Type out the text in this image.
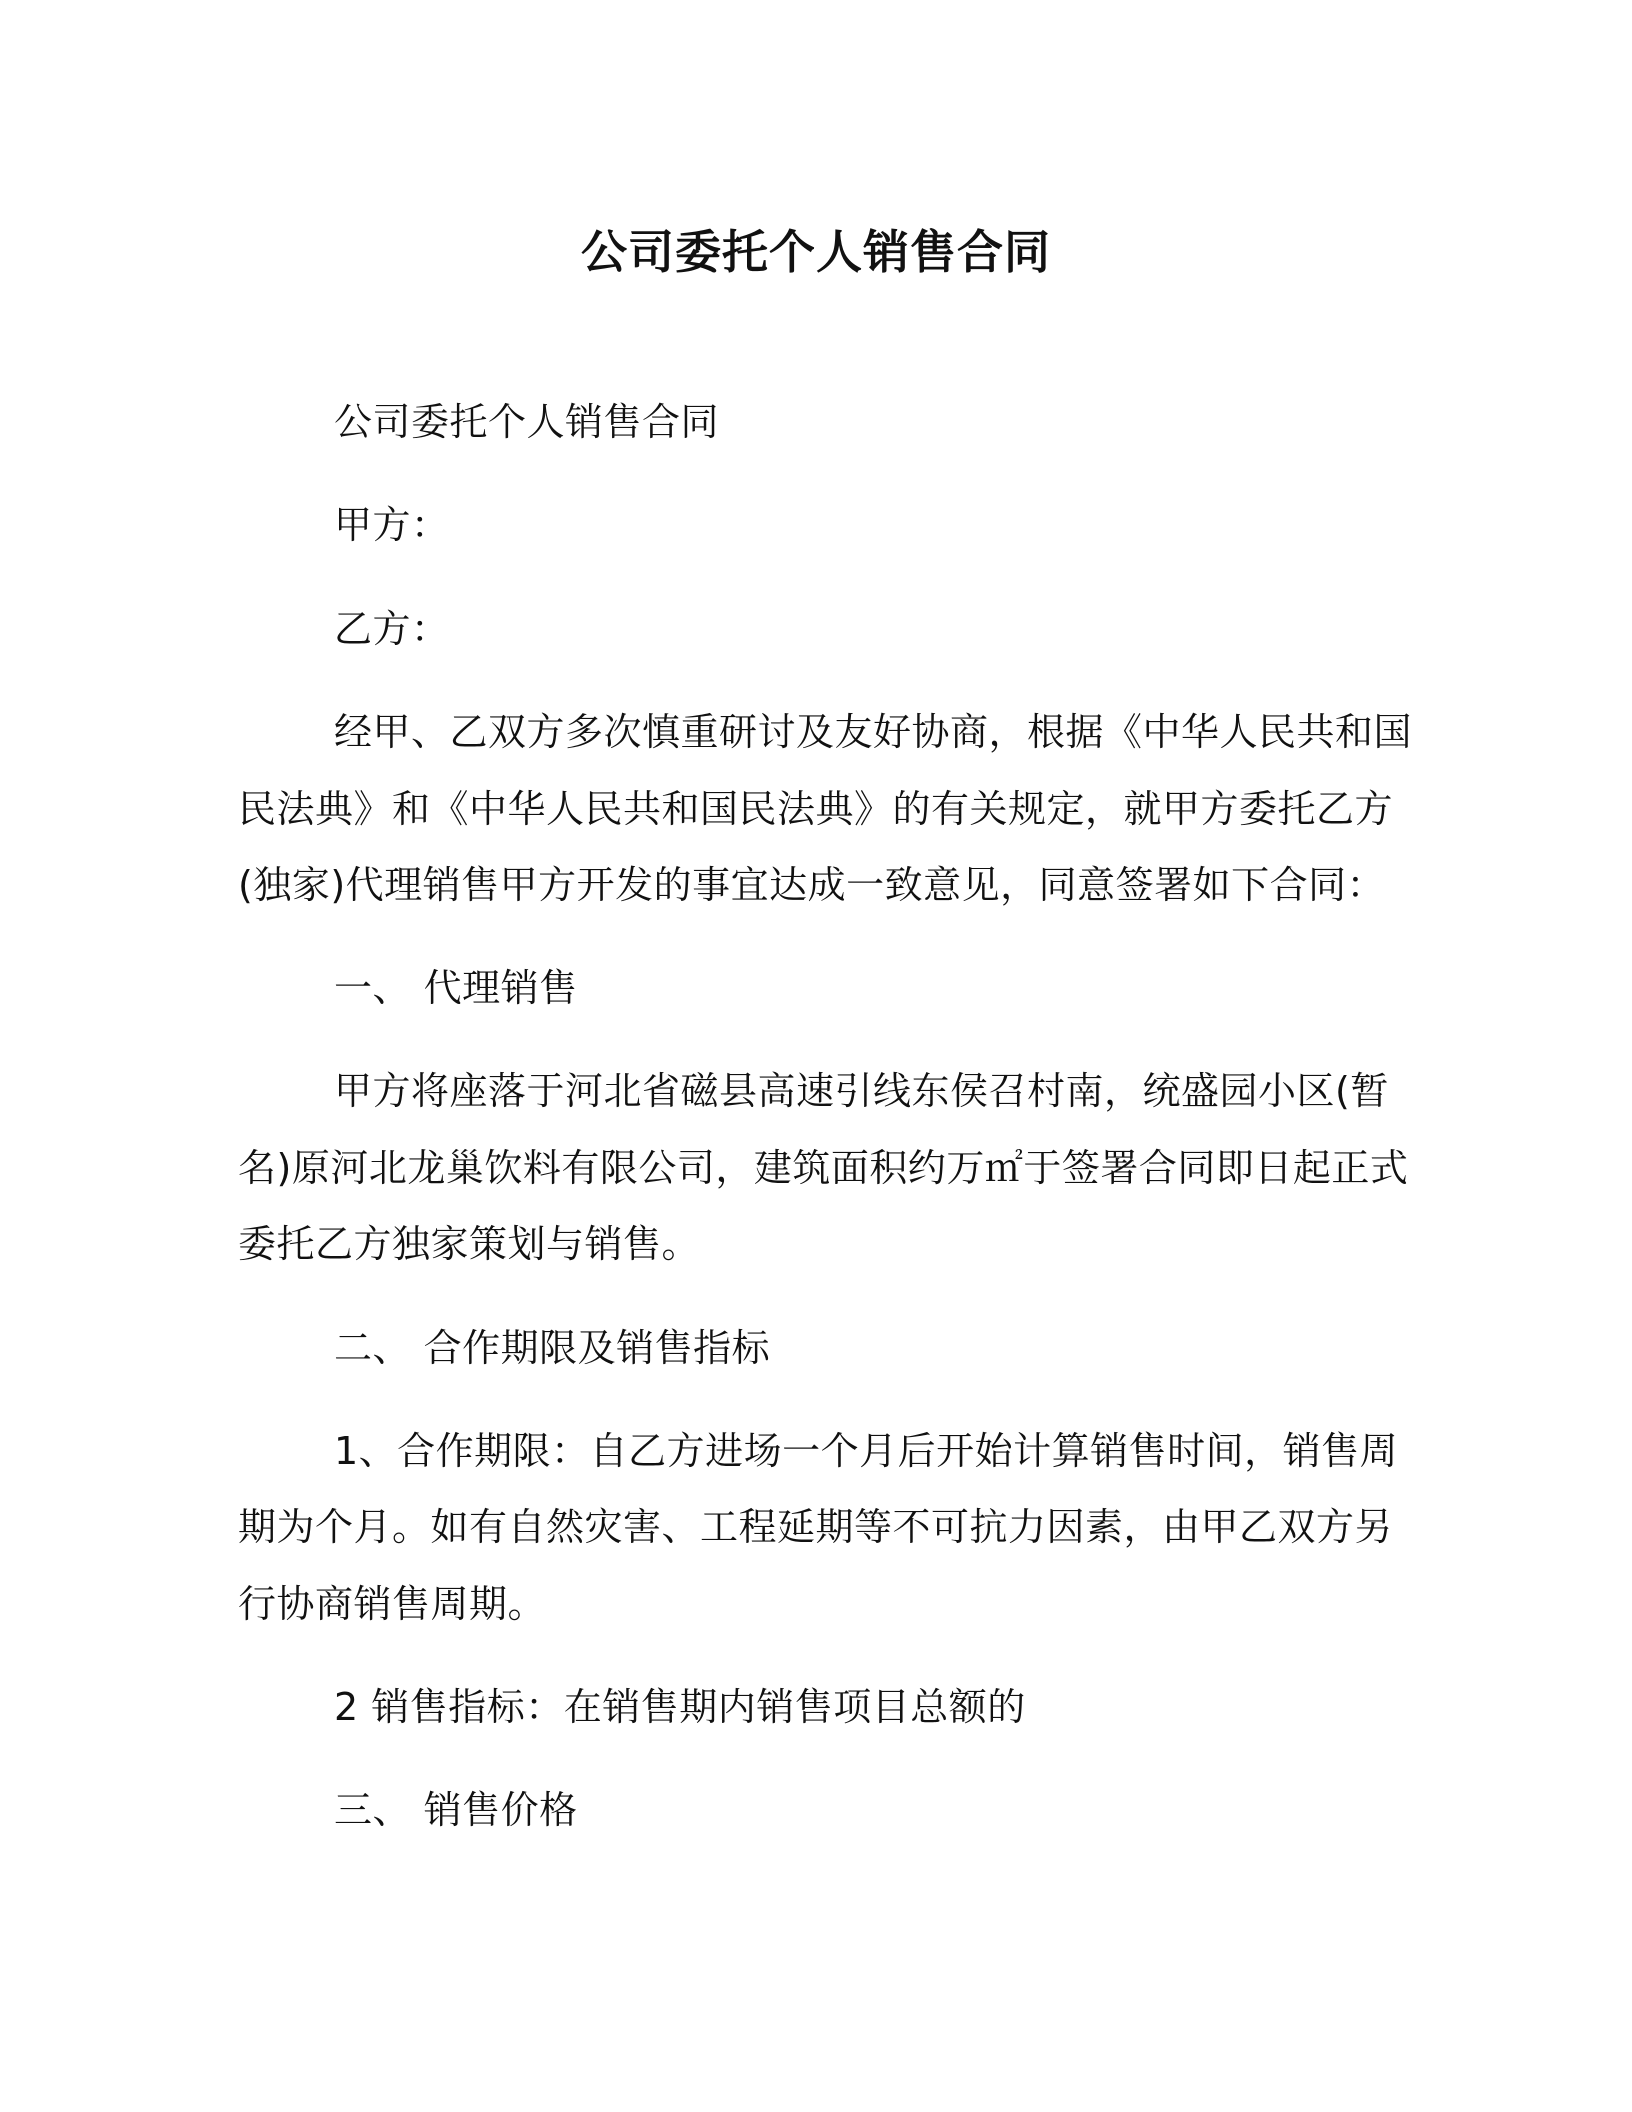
公司委托个人销售合同

公司委托个人销售合同

甲方：

乙方：

经甲、乙双方多次慎重研讨及友好协商，根据《中华人民共和国

民法典》和《中华人民共和国民法典》的有关规定，就甲方委托乙方

(独家)代理销售甲方开发的事宜达成一致意见，同意签署如下合同：

一、 代理销售

甲方将座落于河北省磁县高速引线东侯召村南，统盛园小区(暂

名)原河北龙巢饮料有限公司，建筑面积约万㎡于签署合同即日起正式

委托乙方独家策划与销售。

二、 合作期限及销售指标

1、合作期限：自乙方进场一个月后开始计算销售时间，销售周

期为个月。如有自然灾害、工程延期等不可抗力因素，由甲乙双方另

行协商销售周期。

2 销售指标：在销售期内销售项目总额的

三、 销售价格
